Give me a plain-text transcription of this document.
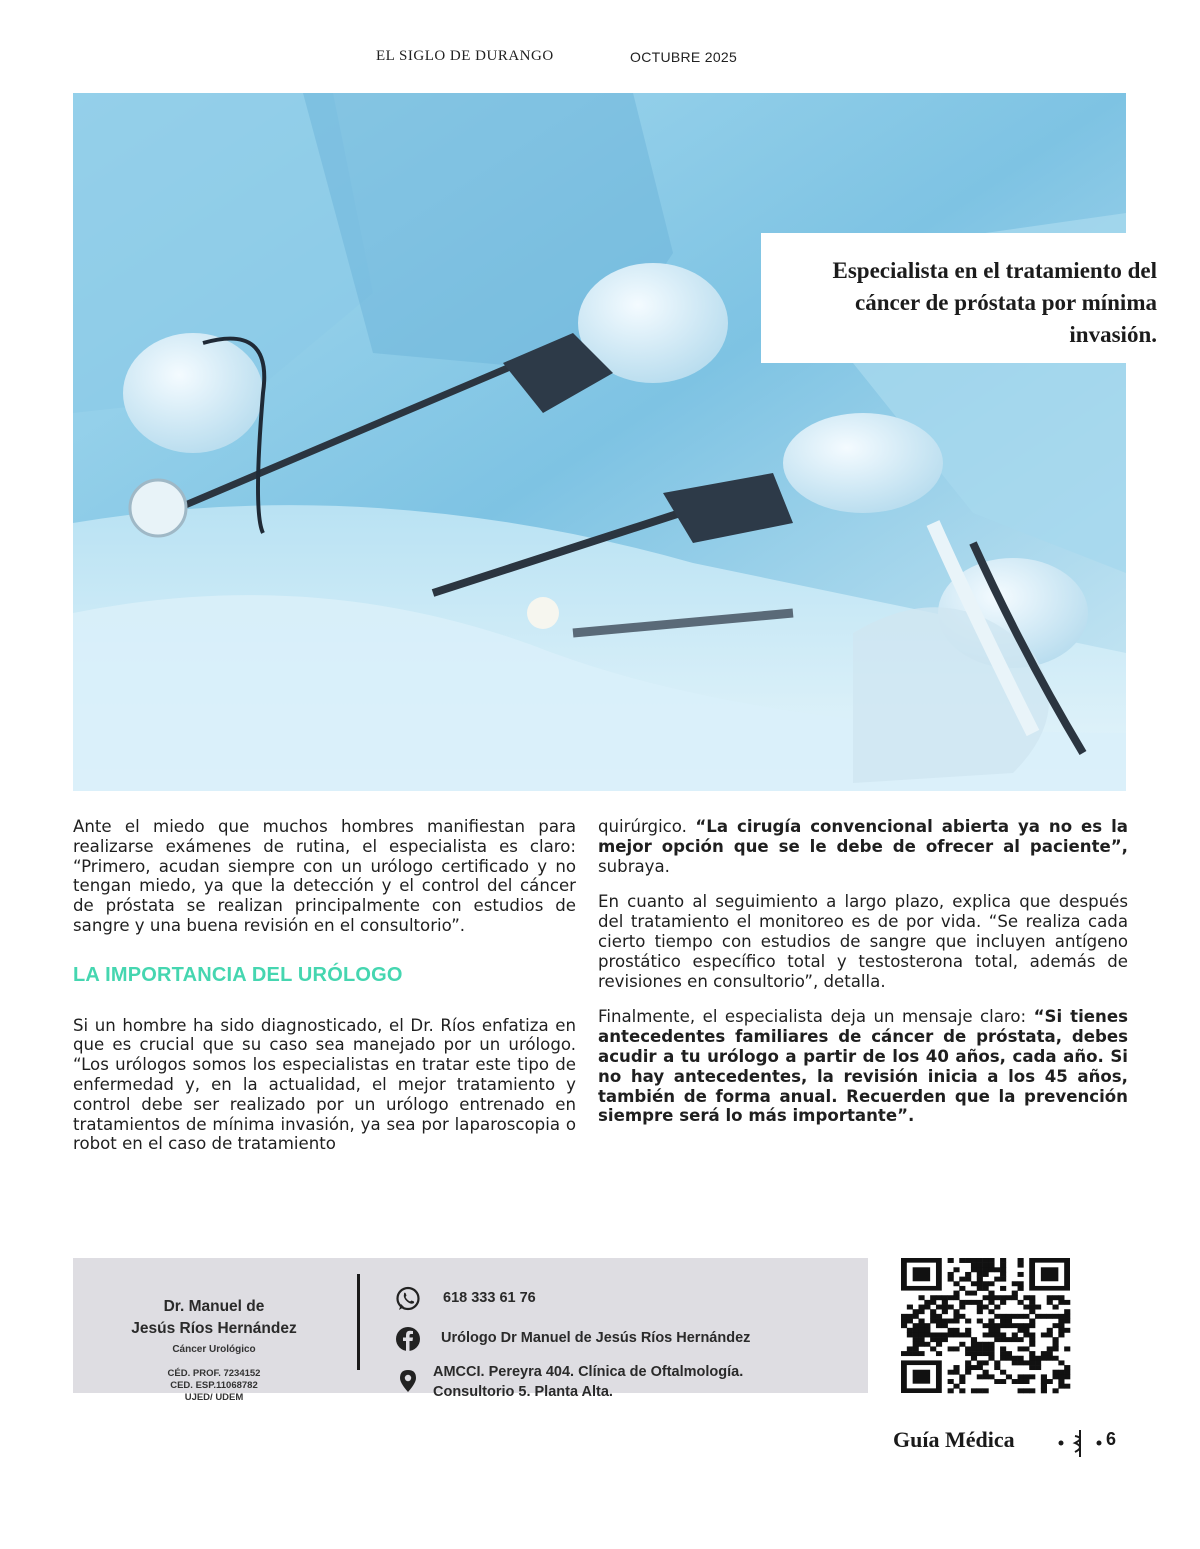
EL SIGLO DE DURANGO	OCTUBRE 2025
Especialista en el tratamiento del cáncer de próstata por mínima invasión.

Ante el miedo que muchos hombres manifiestan para realizarse exámenes de rutina, el especialista es claro: “Primero, acudan siempre con un urólogo certificado y no tengan miedo, ya que la detección y el control del cáncer de próstata se realizan principalmente con estudios de sangre y una buena revisión en el consultorio”.

LA IMPORTANCIA DEL URÓLOGO

Si un hombre ha sido diagnosticado, el Dr. Ríos enfatiza en que es crucial que su caso sea manejado por un urólogo. “Los urólogos somos los especialistas en tratar este tipo de enfermedad y, en la actualidad, el mejor tratamiento y control debe ser realizado por un urólogo entrenado en tratamientos de mínima invasión, ya sea por laparoscopia o robot en el caso de tratamiento

quirúrgico. “La cirugía convencional abierta ya no es la mejor opción que se le debe de ofrecer al paciente”, subraya.

En cuanto al seguimiento a largo plazo, explica que después del tratamiento el monitoreo es de por vida. “Se realiza cada cierto tiempo con estudios de sangre que incluyen antígeno prostático específico total y testosterona total, además de revisiones en consultorio”, detalla.

Finalmente, el especialista deja un mensaje claro: “Si tienes antecedentes familiares de cáncer de próstata, debes acudir a tu urólogo a partir de los 40 años, cada año. Si no hay antecedentes, la revisión inicia a los 45 años, también de forma anual. Recuerden que la prevención siempre será lo más importante”.

Dr. Manuel de
Jesús Ríos Hernández
Cáncer Urológico
CÉD. PROF. 7234152
CED. ESP.11068782
UJED/ UDEM
618 333 61 76
Urólogo Dr Manuel de Jesús Ríos Hernández
AMCCI. Pereyra 404. Clínica de Oftalmología.
Consultorio 5. Planta Alta.
Guía Médica	6
